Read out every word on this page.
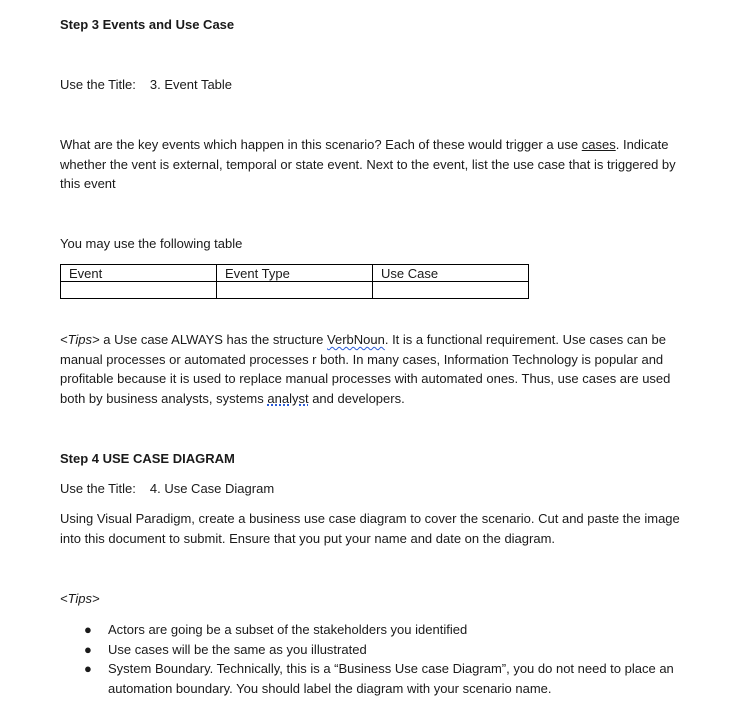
Step 3 Events and Use Case
Use the Title: 3. Event Table
What are the key events which happen in this scenario? Each of these would trigger a use cases. Indicate whether the vent is external, temporal or state event. Next to the event, list the use case that is triggered by this event
You may use the following table
Event	Event Type	Use Case

<Tips> a Use case ALWAYS has the structure VerbNoun. It is a functional requirement. Use cases can be manual processes or automated processes r both. In many cases, Information Technology is popular and profitable because it is used to replace manual processes with automated ones. Thus, use cases are used both by business analysts, systems analyst and developers.
Step 4 USE CASE DIAGRAM
Use the Title: 4. Use Case Diagram
Using Visual Paradigm, create a business use case diagram to cover the scenario. Cut and paste the image into this document to submit. Ensure that you put your name and date on the diagram.
<Tips>
● Actors are going be a subset of the stakeholders you identified
● Use cases will be the same as you illustrated
● System Boundary. Technically, this is a “Business Use case Diagram”, you do not need to place an automation boundary. You should label the diagram with your scenario name.
